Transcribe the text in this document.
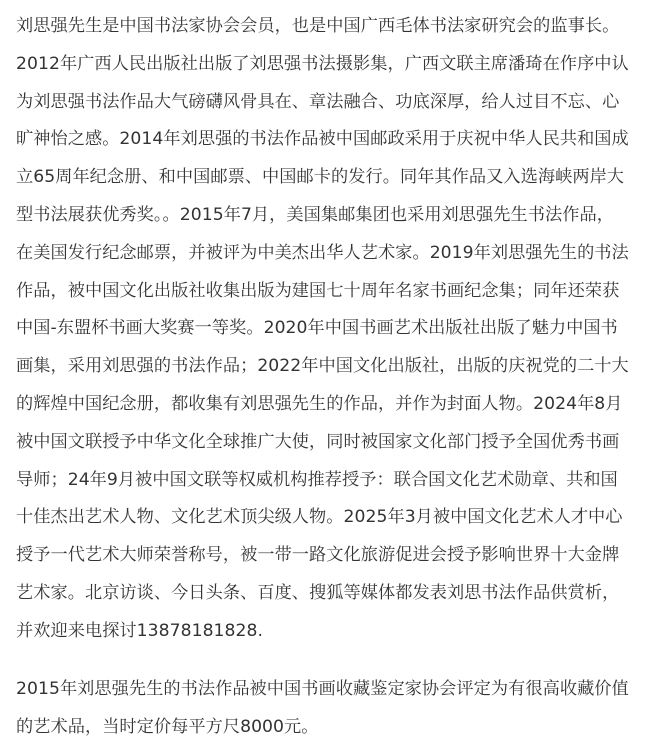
刘思强先生是中国书法家协会会员，也是中国广西毛体书法家研究会的监事长。
2012年广西人民出版社出版了刘思强书法摄影集，广西文联主席潘琦在作序中认
为刘思强书法作品大气磅礴风骨具在、章法融合、功底深厚，给人过目不忘、心
旷神怡之感。2014年刘思强的书法作品被中国邮政采用于庆祝中华人民共和国成
立65周年纪念册、和中国邮票、中国邮卡的发行。同年其作品又入选海峡两岸大
型书法展获优秀奖。。2015年7月，美国集邮集团也采用刘思强先生书法作品，
在美国发行纪念邮票，并被评为中美杰出华人艺术家。2019年刘思强先生的书法
作品，被中国文化出版社收集出版为建国七十周年名家书画纪念集；同年还荣获
中国-东盟杯书画大奖赛一等奖。2020年中国书画艺术出版社出版了魅力中国书
画集，采用刘思强的书法作品；2022年中国文化出版社，出版的庆祝党的二十大
的辉煌中国纪念册，都收集有刘思强先生的作品，并作为封面人物。2024年8月
被中国文联授予中华文化全球推广大使，同时被国家文化部门授予全国优秀书画
导师；24年9月被中国文联等权威机构推荐授予：联合国文化艺术勋章、共和国
十佳杰出艺术人物、文化艺术顶尖级人物。2025年3月被中国文化艺术人才中心
授予一代艺术大师荣誉称号，被一带一路文化旅游促进会授予影响世界十大金牌
艺术家。北京访谈、今日头条、百度、搜狐等媒体都发表刘思书法作品供赏析，
并欢迎来电探讨13878181828.
2015年刘思强先生的书法作品被中国书画收藏鉴定家协会评定为有很高收藏价值
的艺术品，当时定价每平方尺8000元。
